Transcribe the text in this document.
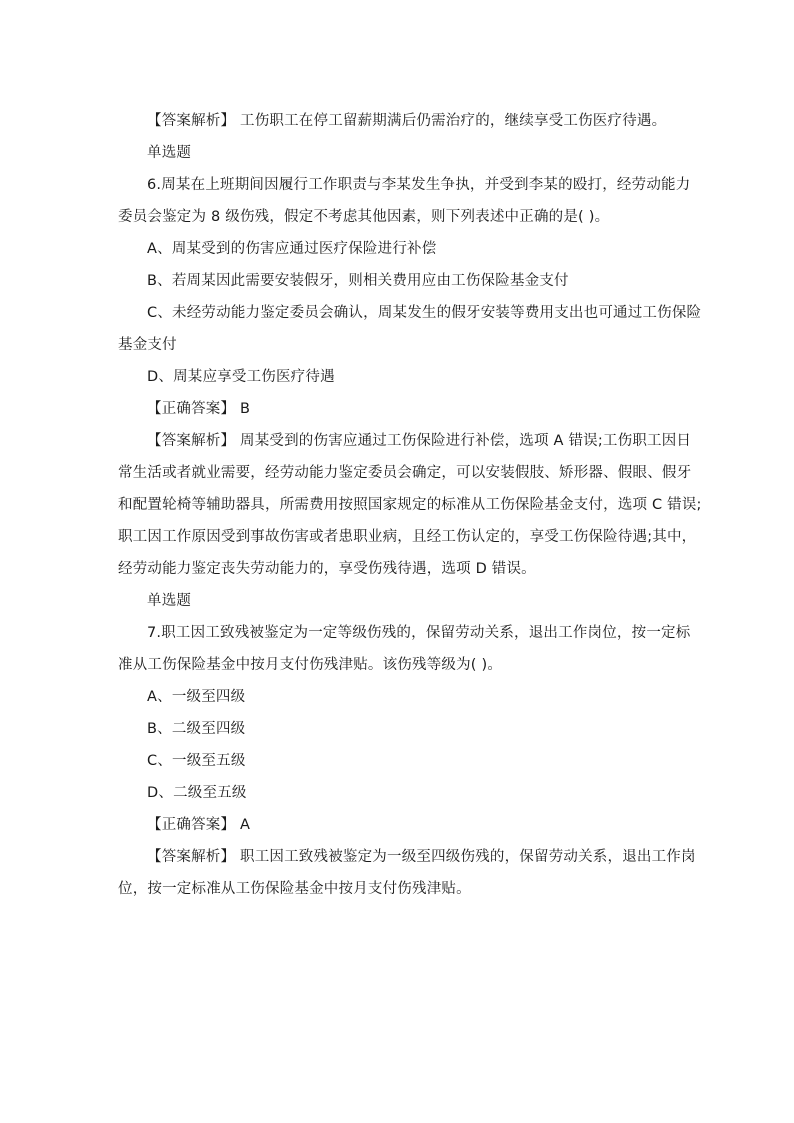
【答案解析】 工伤职工在停工留薪期满后仍需治疗的，继续享受工伤医疗待遇。
单选题
6.周某在上班期间因履行工作职责与李某发生争执，并受到李某的殴打，经劳动能力
委员会鉴定为 8 级伤残，假定不考虑其他因素，则下列表述中正确的是( )。
A、周某受到的伤害应通过医疗保险进行补偿
B、若周某因此需要安装假牙，则相关费用应由工伤保险基金支付
C、未经劳动能力鉴定委员会确认，周某发生的假牙安装等费用支出也可通过工伤保险
基金支付
D、周某应享受工伤医疗待遇
【正确答案】 B
【答案解析】 周某受到的伤害应通过工伤保险进行补偿，选项 A 错误;工伤职工因日
常生活或者就业需要，经劳动能力鉴定委员会确定，可以安装假肢、矫形器、假眼、假牙
和配置轮椅等辅助器具，所需费用按照国家规定的标准从工伤保险基金支付，选项 C 错误;
职工因工作原因受到事故伤害或者患职业病，且经工伤认定的，享受工伤保险待遇;其中，
经劳动能力鉴定丧失劳动能力的，享受伤残待遇，选项 D 错误。
单选题
7.职工因工致残被鉴定为一定等级伤残的，保留劳动关系，退出工作岗位，按一定标
准从工伤保险基金中按月支付伤残津贴。该伤残等级为( )。
A、一级至四级
B、二级至四级
C、一级至五级
D、二级至五级
【正确答案】 A
【答案解析】 职工因工致残被鉴定为一级至四级伤残的，保留劳动关系，退出工作岗
位，按一定标准从工伤保险基金中按月支付伤残津贴。
